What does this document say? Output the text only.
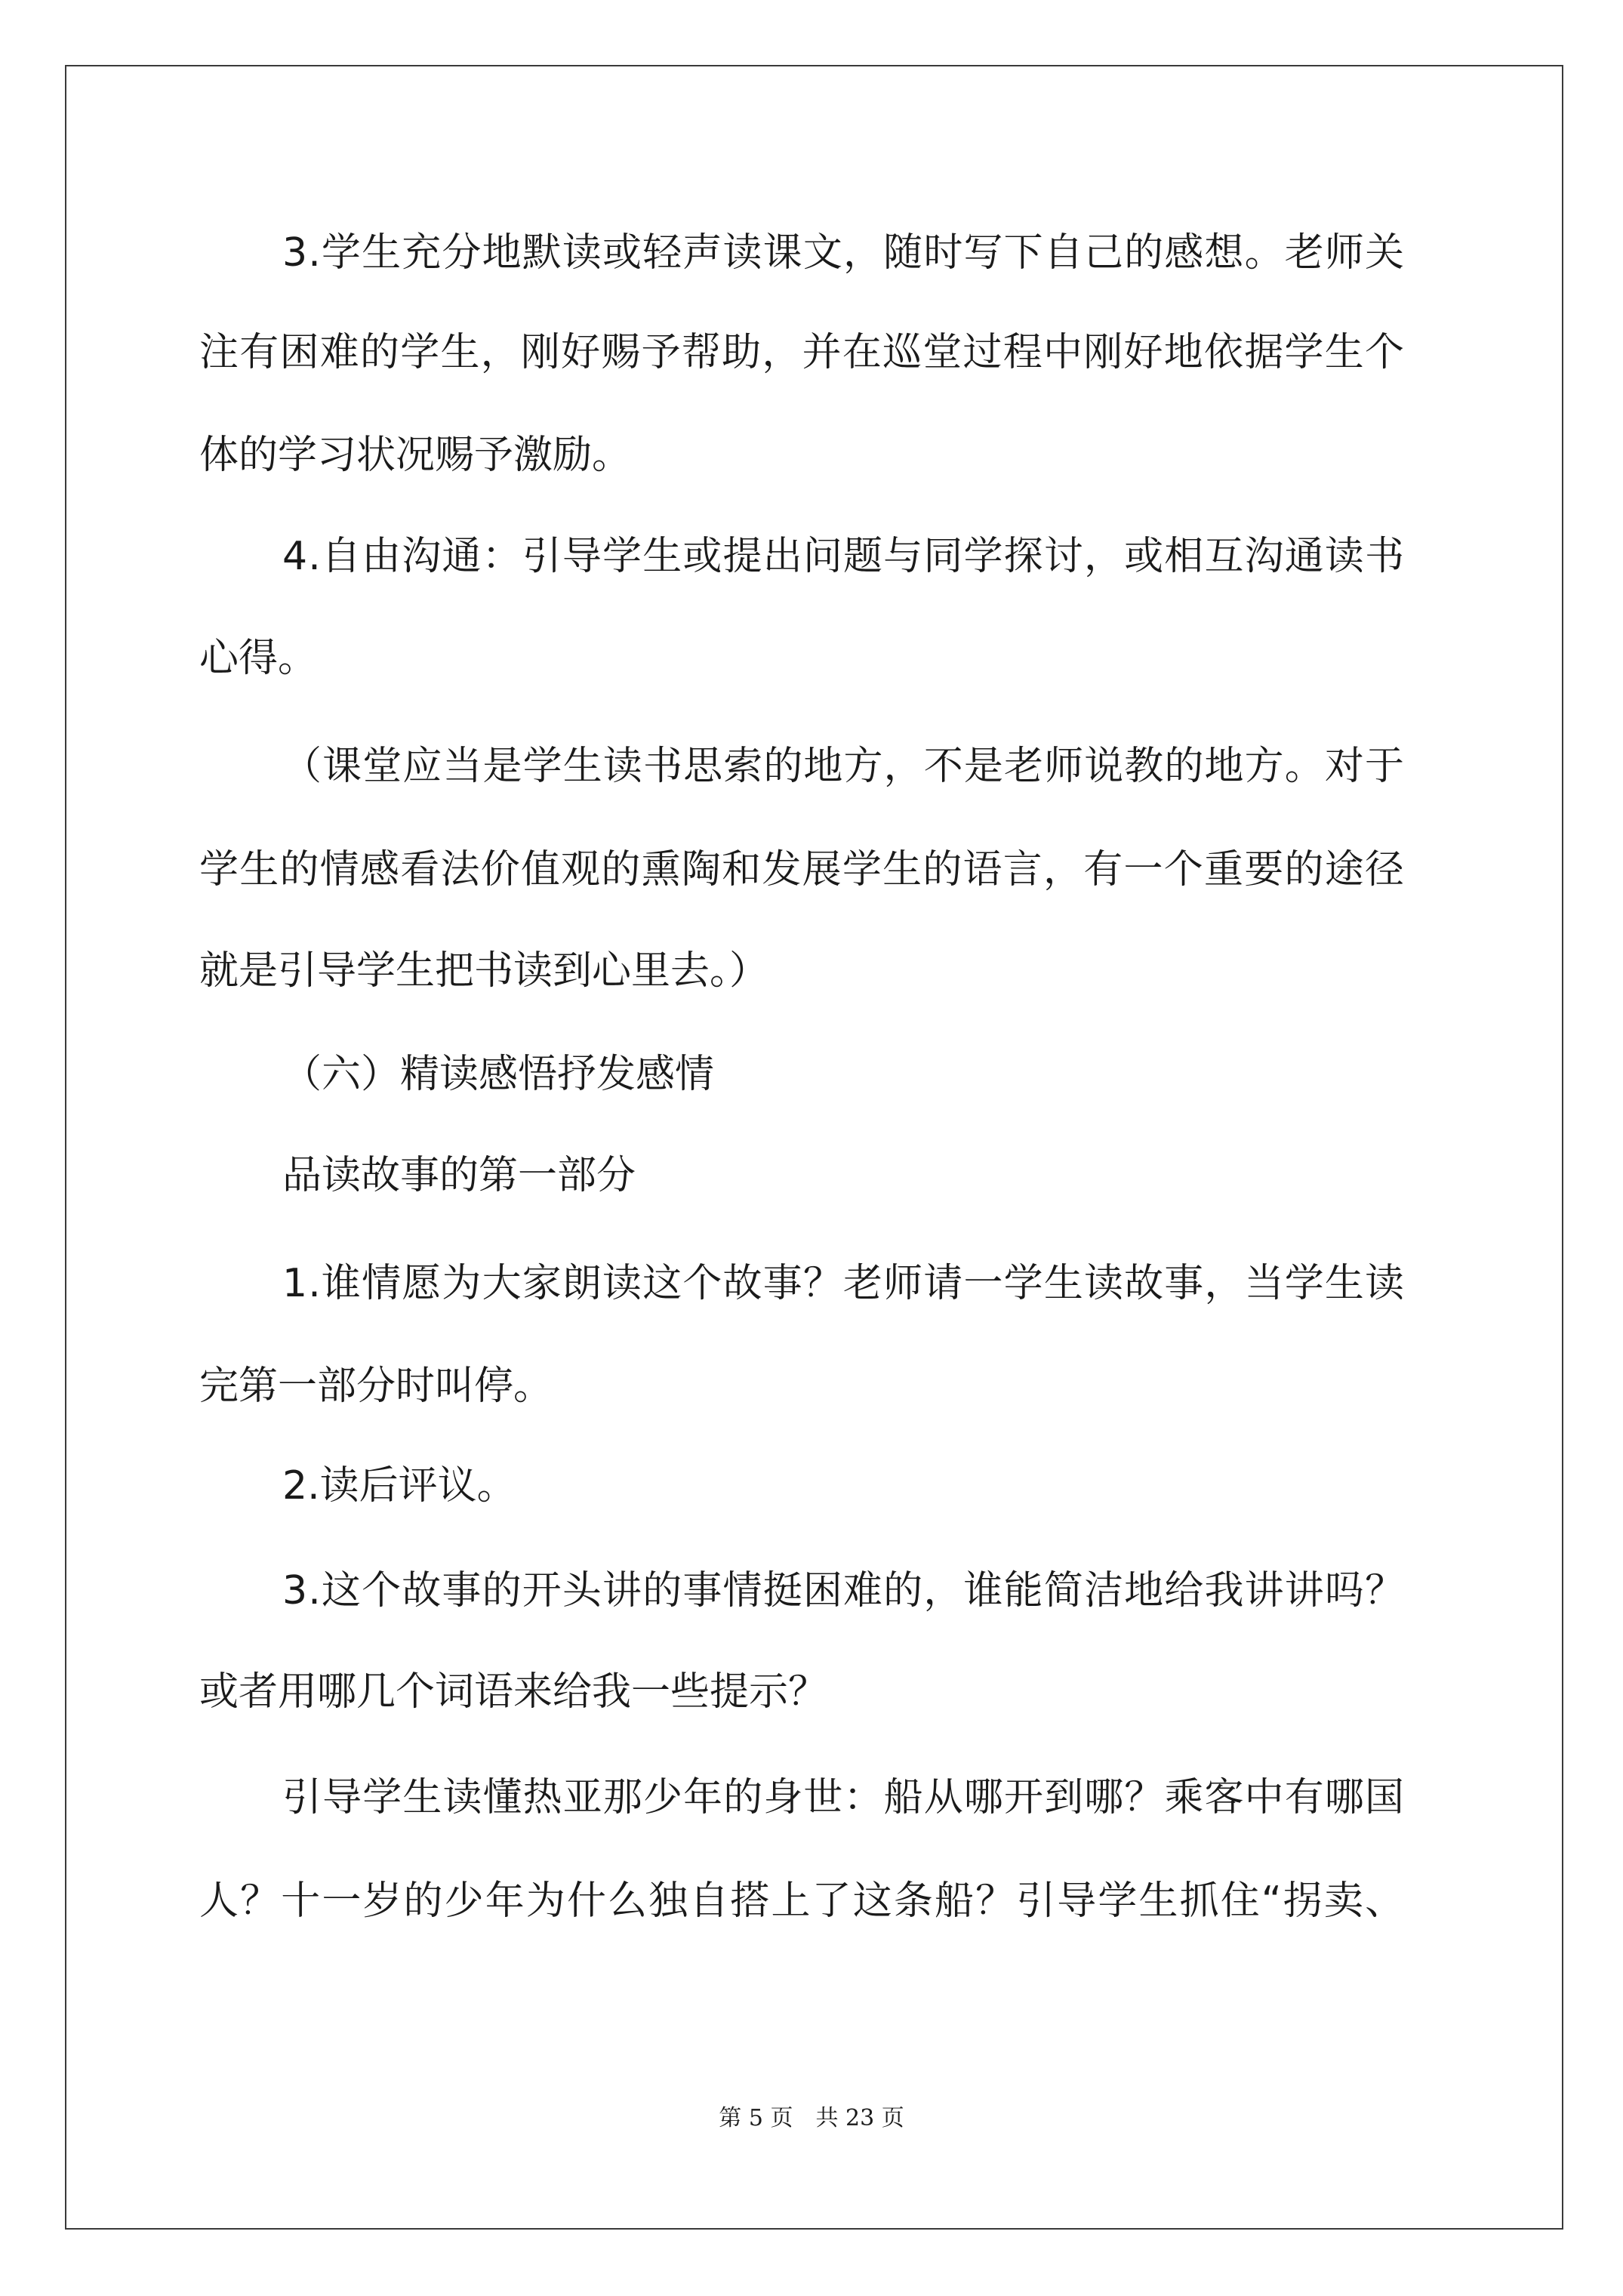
3.学生充分地默读或轻声读课文，随时写下自己的感想。老师关

注有困难的学生，刚好赐予帮助，并在巡堂过程中刚好地依据学生个

体的学习状况赐予激励。

4.自由沟通：引导学生或提出问题与同学探讨，或相互沟通读书

心得。

（课堂应当是学生读书思索的地方，不是老师说教的地方。对于

学生的情感看法价值观的熏陶和发展学生的语言，有一个重要的途径

就是引导学生把书读到心里去。）

（六）精读感悟抒发感情

品读故事的第一部分

1.谁情愿为大家朗读这个故事？老师请一学生读故事，当学生读

完第一部分时叫停。

2.读后评议。

3.这个故事的开头讲的事情挺困难的，谁能简洁地给我讲讲吗？

或者用哪几个词语来给我一些提示？

引导学生读懂热亚那少年的身世：船从哪开到哪？乘客中有哪国

人？十一岁的少年为什么独自搭上了这条船？引导学生抓住“拐卖、

第 5 页　共 23 页
